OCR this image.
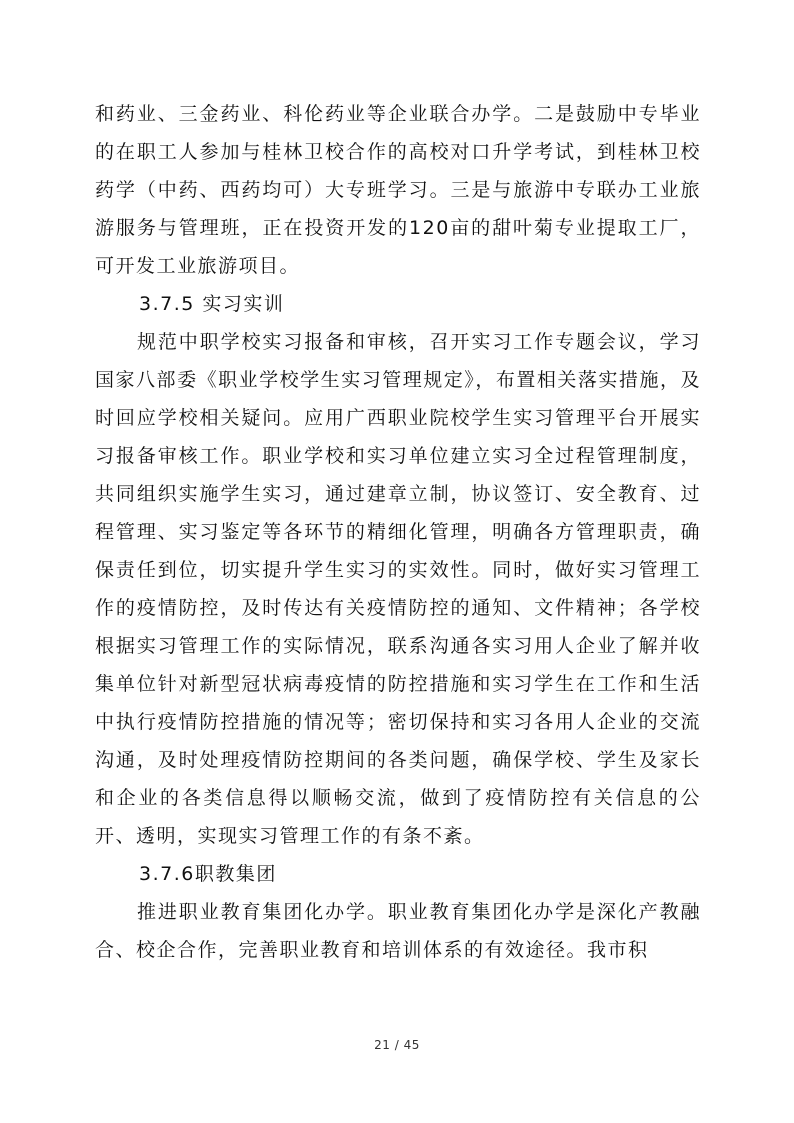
和药业、三金药业、科伦药业等企业联合办学。二是鼓励中专毕业的在职工人参加与桂林卫校合作的高校对口升学考试，到桂林卫校药学（中药、西药均可）大专班学习。三是与旅游中专联办工业旅游服务与管理班，正在投资开发的120亩的甜叶菊专业提取工厂，可开发工业旅游项目。

3.7.5 实习实训

规范中职学校实习报备和审核，召开实习工作专题会议，学习国家八部委《职业学校学生实习管理规定》，布置相关落实措施，及时回应学校相关疑问。应用广西职业院校学生实习管理平台开展实习报备审核工作。职业学校和实习单位建立实习全过程管理制度，共同组织实施学生实习，通过建章立制，协议签订、安全教育、过程管理、实习鉴定等各环节的精细化管理，明确各方管理职责，确保责任到位，切实提升学生实习的实效性。同时，做好实习管理工作的疫情防控，及时传达有关疫情防控的通知、文件精神；各学校根据实习管理工作的实际情况，联系沟通各实习用人企业了解并收集单位针对新型冠状病毒疫情的防控措施和实习学生在工作和生活中执行疫情防控措施的情况等；密切保持和实习各用人企业的交流沟通，及时处理疫情防控期间的各类问题，确保学校、学生及家长和企业的各类信息得以顺畅交流，做到了疫情防控有关信息的公开、透明，实现实习管理工作的有条不紊。

3.7.6职教集团

推进职业教育集团化办学。职业教育集团化办学是深化产教融合、校企合作，完善职业教育和培训体系的有效途径。我市积

21 / 45
